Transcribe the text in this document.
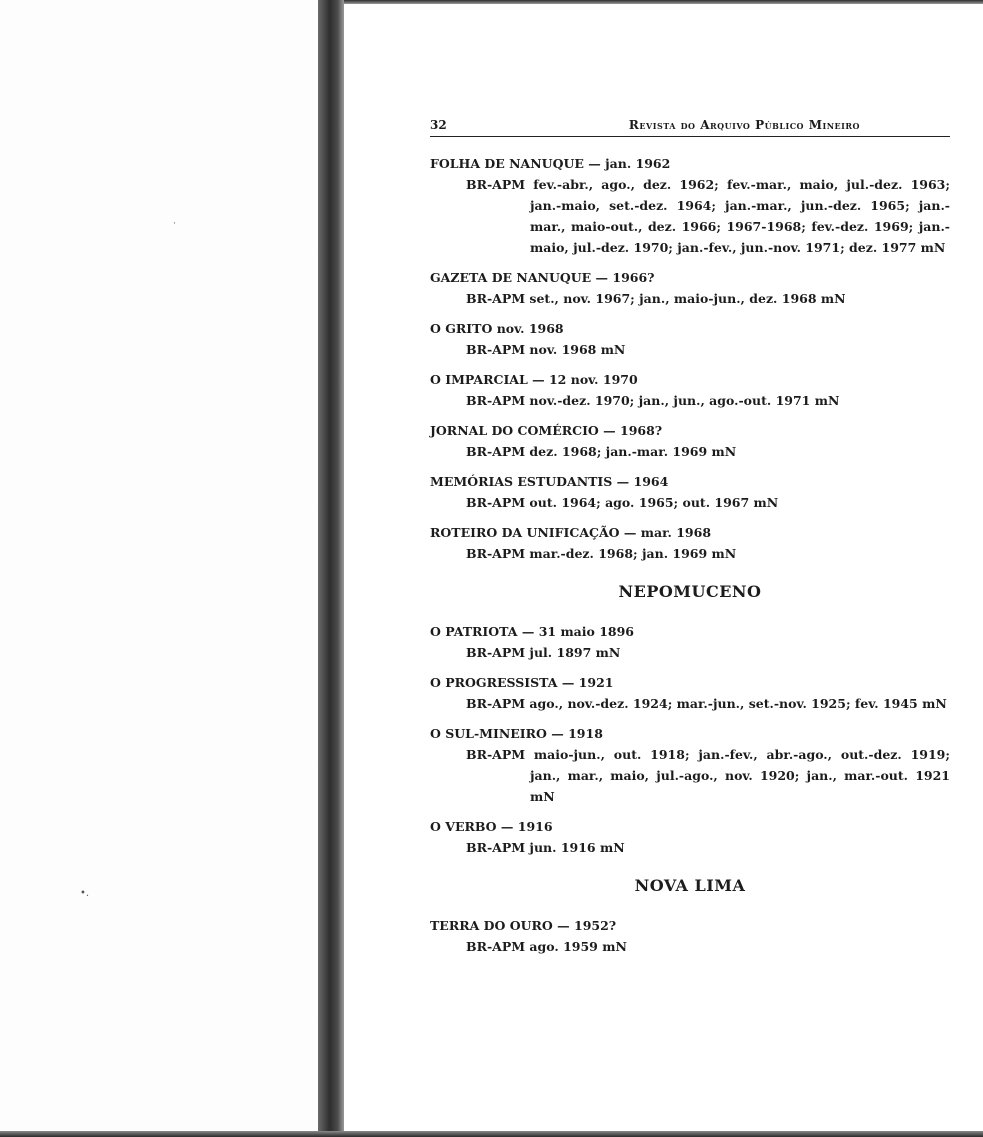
˙
•.
32	Revista do Arquivo Público Mineiro
FOLHA DE NANUQUE — jan. 1962
BR-APM fev.-abr., ago., dez. 1962; fev.-mar., maio, jul.-dez. 1963; jan.-maio, set.-dez. 1964; jan.-mar., jun.-dez. 1965; jan.-mar., maio-out., dez. 1966; 1967-1968; fev.-dez. 1969; jan.-maio, jul.-dez. 1970; jan.-fev., jun.-nov. 1971; dez. 1977 mN
GAZETA DE NANUQUE — 1966?
BR-APM set., nov. 1967; jan., maio-jun., dez. 1968 mN
O GRITO nov. 1968
BR-APM nov. 1968 mN
O IMPARCIAL — 12 nov. 1970
BR-APM nov.-dez. 1970; jan., jun., ago.-out. 1971 mN
JORNAL DO COMÉRCIO — 1968?
BR-APM dez. 1968; jan.-mar. 1969 mN
MEMÓRIAS ESTUDANTIS — 1964
BR-APM out. 1964; ago. 1965; out. 1967 mN
ROTEIRO DA UNIFICAÇÃO — mar. 1968
BR-APM mar.-dez. 1968; jan. 1969 mN
NEPOMUCENO
O PATRIOTA — 31 maio 1896
BR-APM jul. 1897 mN
O PROGRESSISTA — 1921
BR-APM ago., nov.-dez. 1924; mar.-jun., set.-nov. 1925; fev. 1945 mN
O SUL-MINEIRO — 1918
BR-APM maio-jun., out. 1918; jan.-fev., abr.-ago., out.-dez. 1919; jan., mar., maio, jul.-ago., nov. 1920; jan., mar.-out. 1921 mN
O VERBO — 1916
BR-APM jun. 1916 mN
NOVA LIMA
TERRA DO OURO — 1952?
BR-APM ago. 1959 mN
